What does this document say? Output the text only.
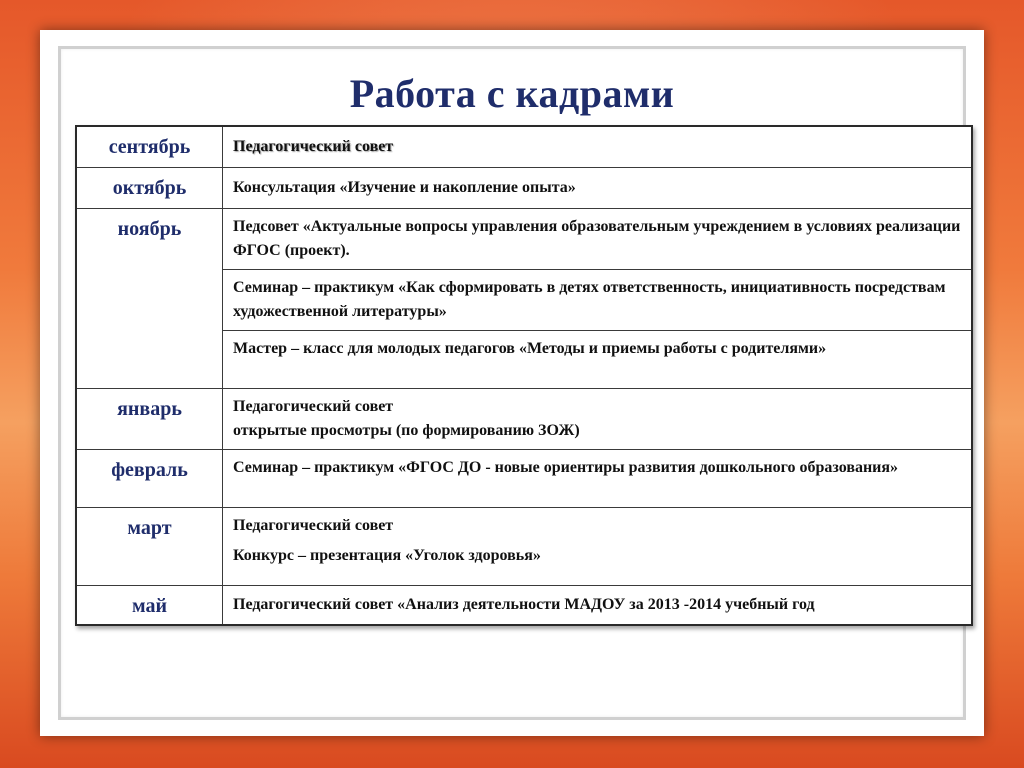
Работа с кадрами
сентябрь	Педагогический совет

октябрь	Консультация «Изучение и накопление опыта»

ноябрь	Педсовет «Актуальные вопросы управления образовательным учреждением в условиях реализации ФГОС (проект).

	Семинар – практикум «Как сформировать в детях ответственность, инициативность посредствам художественной литературы»

	Мастер – класс для молодых педагогов «Методы и приемы работы с родителями»

январь	Педагогический совет
открытые просмотры (по формированию ЗОЖ)

февраль	Семинар – практикум «ФГОС ДО - новые ориентиры развития дошкольного образования»

март	Педагогический совет
Конкурс – презентация «Уголок здоровья»

май	Педагогический совет «Анализ деятельности МАДОУ за 2013 -2014 учебный год
